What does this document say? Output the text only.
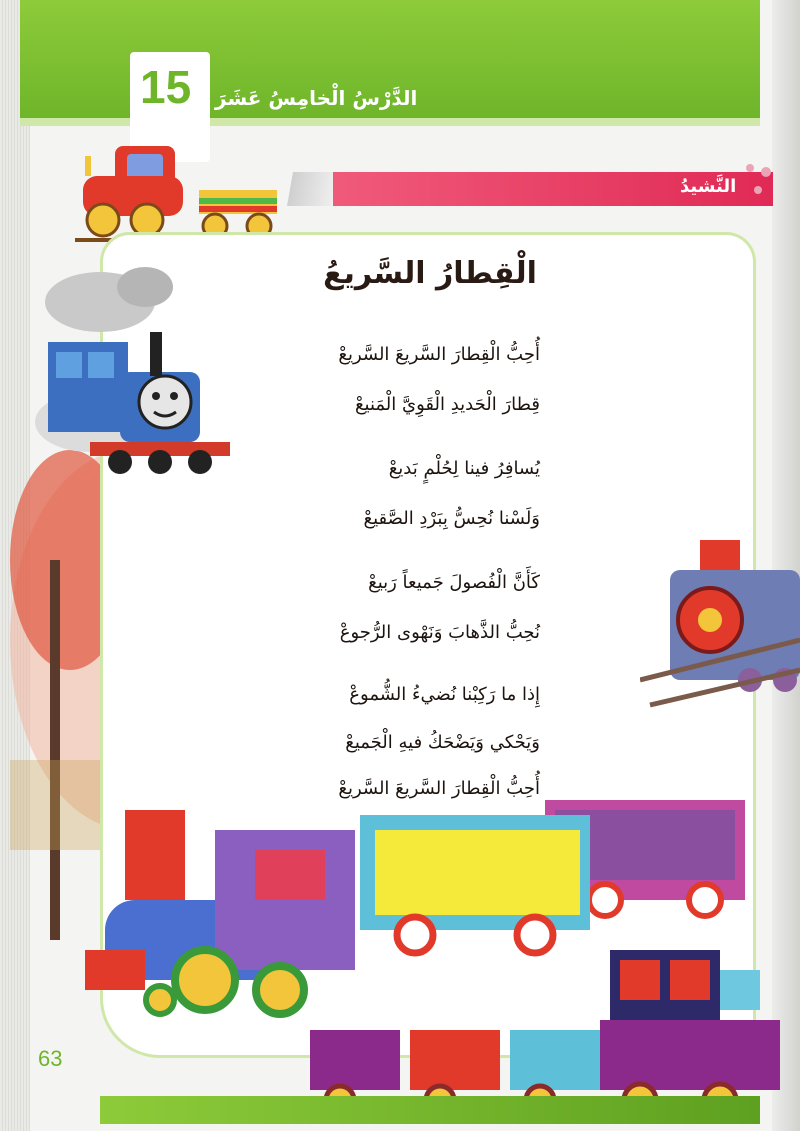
15 الدَّرْسُ الْخامِسُ عَشَرَ
النَّشيدُ
الْقِطارُ السَّريعُ
أُحِبُّ الْقِطارَ السَّريعَ السَّريعْ
قِطارَ الْحَديدِ الْقَوِيَّ الْمَنيعْ
يُسافِرُ فينا لِحُلْمٍ بَديعْ
وَلَسْنا نُحِسُّ بِبَرْدِ الصَّقيعْ
كَأَنَّ الْفُصولَ جَميعاً رَبيعْ
نُحِبُّ الذَّهابَ وَنَهْوى الرُّجوعْ
إِذا ما رَكِبْنا نُضيءُ الشُّموعْ
وَيَحْكي وَيَضْحَكُ فيهِ الْجَميعْ
أُحِبُّ الْقِطارَ السَّريعَ السَّريعْ
63
